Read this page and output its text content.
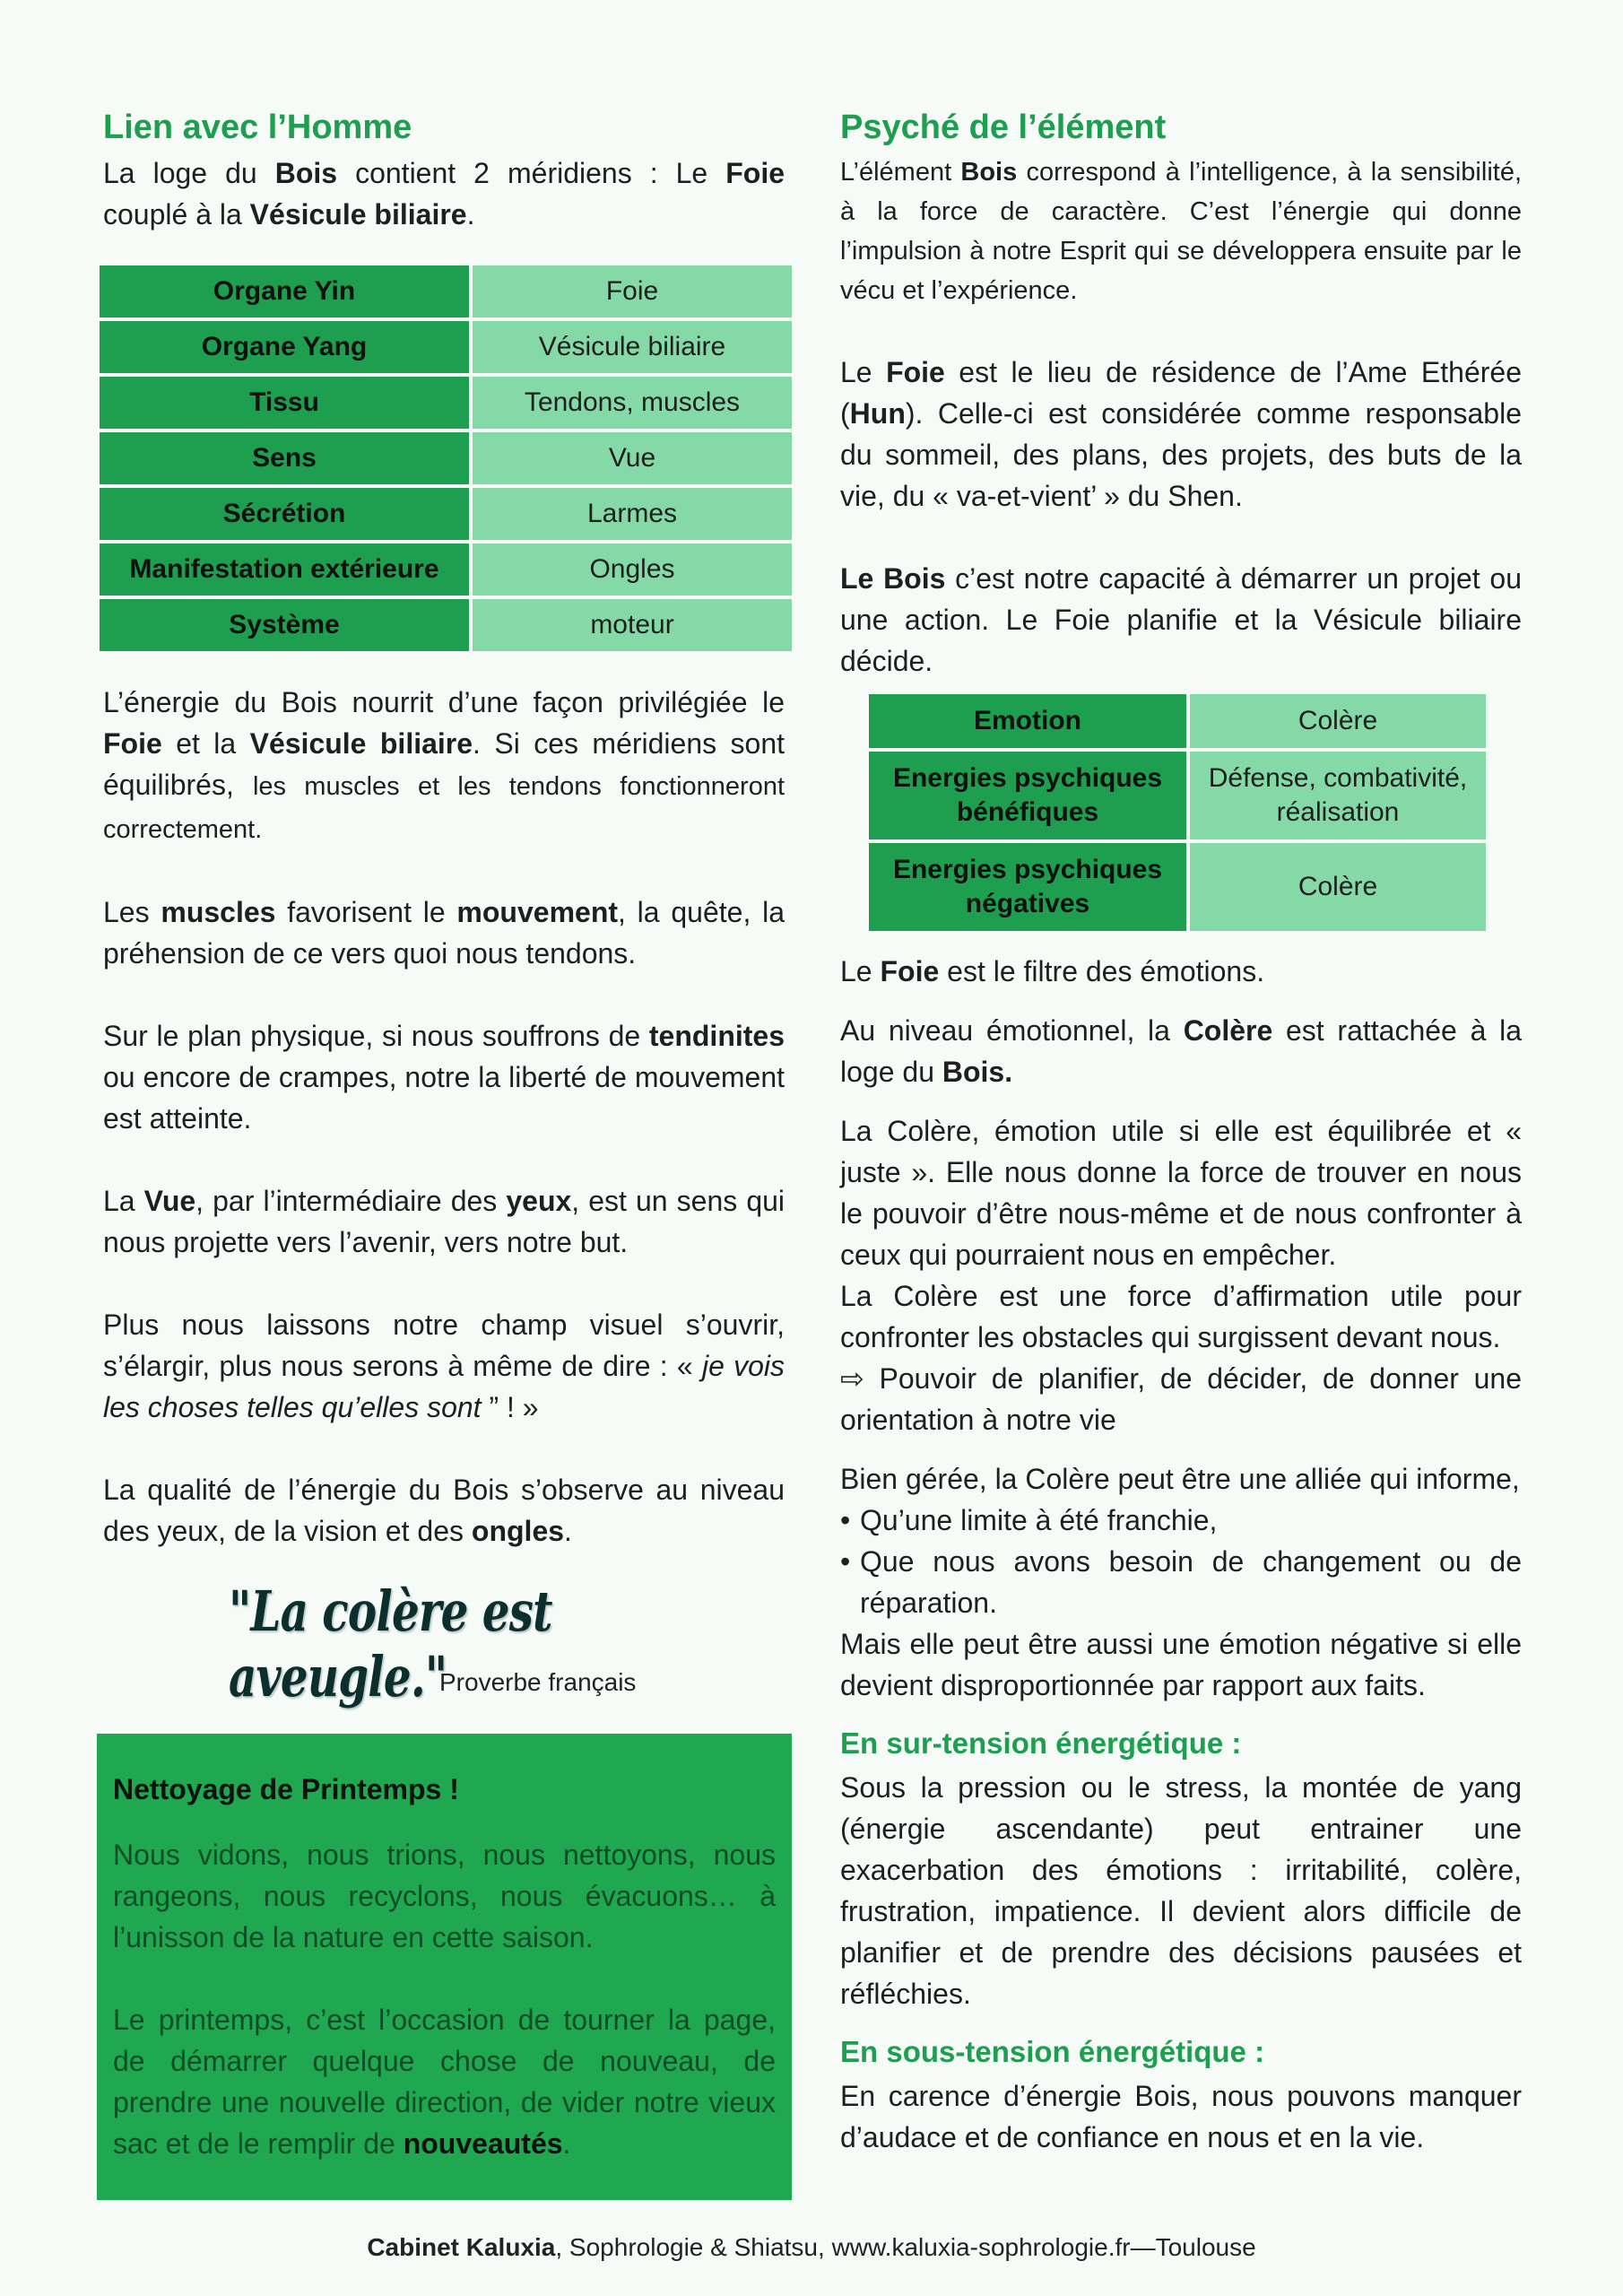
Lien avec l’Homme

La loge du Bois contient 2 méridiens : Le Foie couplé à la Vésicule biliaire.

Organe Yin	Foie
Organe Yang	Vésicule biliaire
Tissu	Tendons, muscles
Sens	Vue
Sécrétion	Larmes
Manifestation extérieure	Ongles
Système	moteur

L’énergie du Bois nourrit d’une façon privilégiée le Foie et la Vésicule biliaire. Si ces méridiens sont équilibrés, les muscles et les tendons fonctionneront correctement.

Les muscles favorisent le mouvement, la quête, la préhension de ce vers quoi nous tendons.

Sur le plan physique, si nous souffrons de tendinites ou encore de crampes, notre la liberté de mouvement est atteinte.

La Vue, par l’intermédiaire des yeux, est un sens qui nous projette vers l’avenir, vers notre but.

Plus nous laissons notre champ visuel s’ouvrir, s’élargir, plus nous serons à même de dire : « je vois les choses telles qu’elles sont ” ! »

La qualité de l’énergie du Bois s’observe au niveau des yeux, de la vision et des ongles.

"La colère est aveugle."
Proverbe français
Nettoyage de Printemps !

Nous vidons, nous trions, nous nettoyons, nous rangeons, nous recyclons, nous évacuons… à l’unisson de la nature en cette saison.

Le printemps, c’est l’occasion de tourner la page, de démarrer quelque chose de nouveau, de prendre une nouvelle direction, de vider notre vieux sac et de le remplir de nouveautés.

Psyché de l’élément

L’élément Bois correspond à l’intelligence, à la sensibilité, à la force de caractère. C’est l’énergie qui donne l’impulsion à notre Esprit qui se développera ensuite par le vécu et l’expérience.

Le Foie est le lieu de résidence de l’Ame Ethérée (Hun). Celle-ci est considérée comme responsable du sommeil, des plans, des projets, des buts de la vie, du « va-et-vient’ » du Shen.

Le Bois c’est notre capacité à démarrer un projet ou une action. Le Foie planifie et la Vésicule biliaire décide.

Emotion	Colère
Energies psychiques bénéfiques	Défense, combativité, réalisation
Energies psychiques négatives	Colère

Le Foie est le filtre des émotions.

Au niveau émotionnel, la Colère est rattachée à la loge du Bois.

La Colère, émotion utile si elle est équilibrée et « juste ». Elle nous donne la force de trouver en nous le pouvoir d’être nous-même et de nous confronter à ceux qui pourraient nous en empêcher.

La Colère est une force d’affirmation utile pour confronter les obstacles qui surgissent devant nous.

⇨ Pouvoir de planifier, de décider, de donner une orientation à notre vie

Bien gérée, la Colère peut être une alliée qui informe,

• Qu’une limite à été franchie,
• Que nous avons besoin de changement ou de réparation.

Mais elle peut être aussi une émotion négative si elle devient disproportionnée par rapport aux faits.

En sur-tension énergétique :

Sous la pression ou le stress, la montée de yang (énergie ascendante) peut entrainer une exacerbation des émotions : irritabilité, colère, frustration, impatience. Il devient alors difficile de planifier et de prendre des décisions pausées et réfléchies.

En sous-tension énergétique :

En carence d’énergie Bois, nous pouvons manquer d’audace et de confiance en nous et en la vie.

Cabinet Kaluxia, Sophrologie & Shiatsu, www.kaluxia-sophrologie.fr—Toulouse
